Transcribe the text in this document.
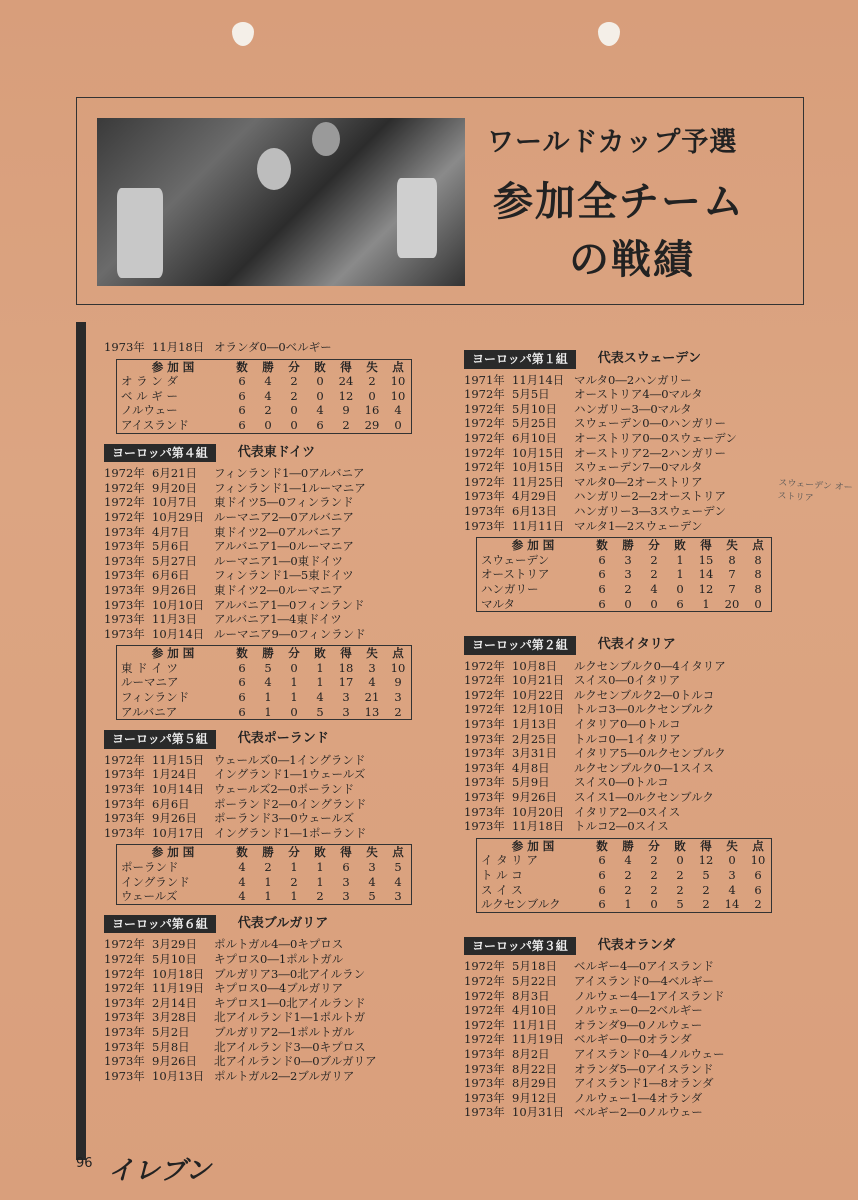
ワールドカップ予選
参加全チーム
の戦績
1973年 11月18日 オランダ0―0ベルギー
参 加 国	数	勝	分	敗	得	失	点
オ ラ ン ダ	6	4	2	0	24	2	10
ベ ル ギ ー	6	4	2	0	12	0	10
ノルウェー	6	2	0	4	9	16	4
アイスランド	6	0	0	6	2	29	0
ヨーロッパ第４組	代表東ドイツ
1972年 6月21日	フィンランド1―0アルバニア
1972年 9月20日	フィンランド1―1ルーマニア
1972年 10月7日	東ドイツ5―0フィンランド
1972年 10月29日 ルーマニア2―0アルバニア
1973年 4月7日	東ドイツ2―0アルバニア
1973年 5月6日	アルバニア1―0ルーマニア
1973年 5月27日	ルーマニア1―0東ドイツ
1973年 6月6日	フィンランド1―5東ドイツ
1973年 9月26日	東ドイツ2―0ルーマニア
1973年 10月10日 アルバニア1―0フィンランド
1973年 11月3日	アルバニア1―4東ドイツ
1973年 10月14日 ルーマニア9―0フィンランド
参 加 国	数	勝	分	敗	得	失	点
東 ド イ ツ	6	5	0	1	18	3	10
ルーマニア	6	4	1	1	17	4	9
フィンランド	6	1	1	4	3	21	3
アルバニア	6	1	0	5	3	13	2
ヨーロッパ第５組	代表ポーランド
1972年 11月15日 ウェールズ0―1イングランド
1973年 1月24日	イングランド1―1ウェールズ
1973年 10月14日 ウェールズ2―0ポーランド
1973年 6月6日	ポーランド2―0イングランド
1973年 9月26日	ポーランド3―0ウェールズ
1973年 10月17日 イングランド1―1ポーランド
参 加 国	数	勝	分	敗	得	失	点
ポーランド	4	2	1	1	6	3	5
イングランド	4	1	2	1	3	4	4
ウェールズ	4	1	1	2	3	5	3
ヨーロッパ第６組	代表ブルガリア
1972年 3月29日	ポルトガル4―0キプロス
1972年 5月10日	キプロス0―1ポルトガル
1972年 10月18日 ブルガリア3―0北アイルラン
1972年 11月19日 キプロス0―4ブルガリア
1973年 2月14日	キプロス1―0北アイルランド
1973年 3月28日	北アイルランド1―1ポルトガ
1973年 5月2日	ブルガリア2―1ポルトガル
1973年 5月8日	北アイルランド3―0キプロス
1973年 9月26日	北アイルランド0―0ブルガリア
1973年 10月13日 ポルトガル2―2ブルガリア
ヨーロッパ第１組	代表スウェーデン
1971年 11月14日 マルタ0―2ハンガリー
1972年 5月5日	オーストリア4―0マルタ
1972年 5月10日	ハンガリー3―0マルタ
1972年 5月25日	スウェーデン0―0ハンガリー
1972年 6月10日	オーストリア0―0スウェーデン
1972年 10月15日 オーストリア2―2ハンガリー
1972年 10月15日 スウェーデン7―0マルタ
1972年 11月25日 マルタ0―2オーストリア
1973年 4月29日	ハンガリー2―2オーストリア
1973年 6月13日	ハンガリー3―3スウェーデン
1973年 11月11日 マルタ1―2スウェーデン
参 加 国	数	勝	分	敗	得	失	点
スウェーデン	6	3	2	1	15	8	8
オーストリア	6	3	2	1	14	7	8
ハンガリー	6	2	4	0	12	7	8
マルタ	6	0	0	6	1	20	0
ヨーロッパ第２組	代表イタリア
1972年 10月8日	ルクセンブルク0―4イタリア
1972年 10月21日 スイス0―0イタリア
1972年 10月22日 ルクセンブルク2―0トルコ
1972年 12月10日 トルコ3―0ルクセンブルク
1973年 1月13日	イタリア0―0トルコ
1973年 2月25日	トルコ0―1イタリア
1973年 3月31日	イタリア5―0ルクセンブルク
1973年 4月8日	ルクセンブルク0―1スイス
1973年 5月9日	スイス0―0トルコ
1973年 9月26日	スイス1―0ルクセンブルク
1973年 10月20日 イタリア2―0スイス
1973年 11月18日 トルコ2―0スイス
参 加 国	数	勝	分	敗	得	失	点
イ タ リ ア	6	4	2	0	12	0	10
ト ル コ	6	2	2	2	5	3	6
ス イ ス	6	2	2	2	2	4	6
ルクセンブルク	6	1	0	5	2	14	2
ヨーロッパ第３組	代表オランダ
1972年 5月18日	ベルギー4―0アイスランド
1972年 5月22日	アイスランド0―4ベルギー
1972年 8月3日	ノルウェー4―1アイスランド
1972年 4月10日	ノルウェー0―2ベルギー
1972年 11月1日	オランダ9―0ノルウェー
1972年 11月19日 ベルギー0―0オランダ
1973年 8月2日	アイスランド0―4ノルウェー
1973年 8月22日	オランダ5―0アイスランド
1973年 8月29日	アイスランド1―8オランダ
1973年 9月12日	ノルウェー1―4オランダ
1973年 10月31日 ベルギー2―0ノルウェー
スウェーデン オーストリア
96 イレブン
